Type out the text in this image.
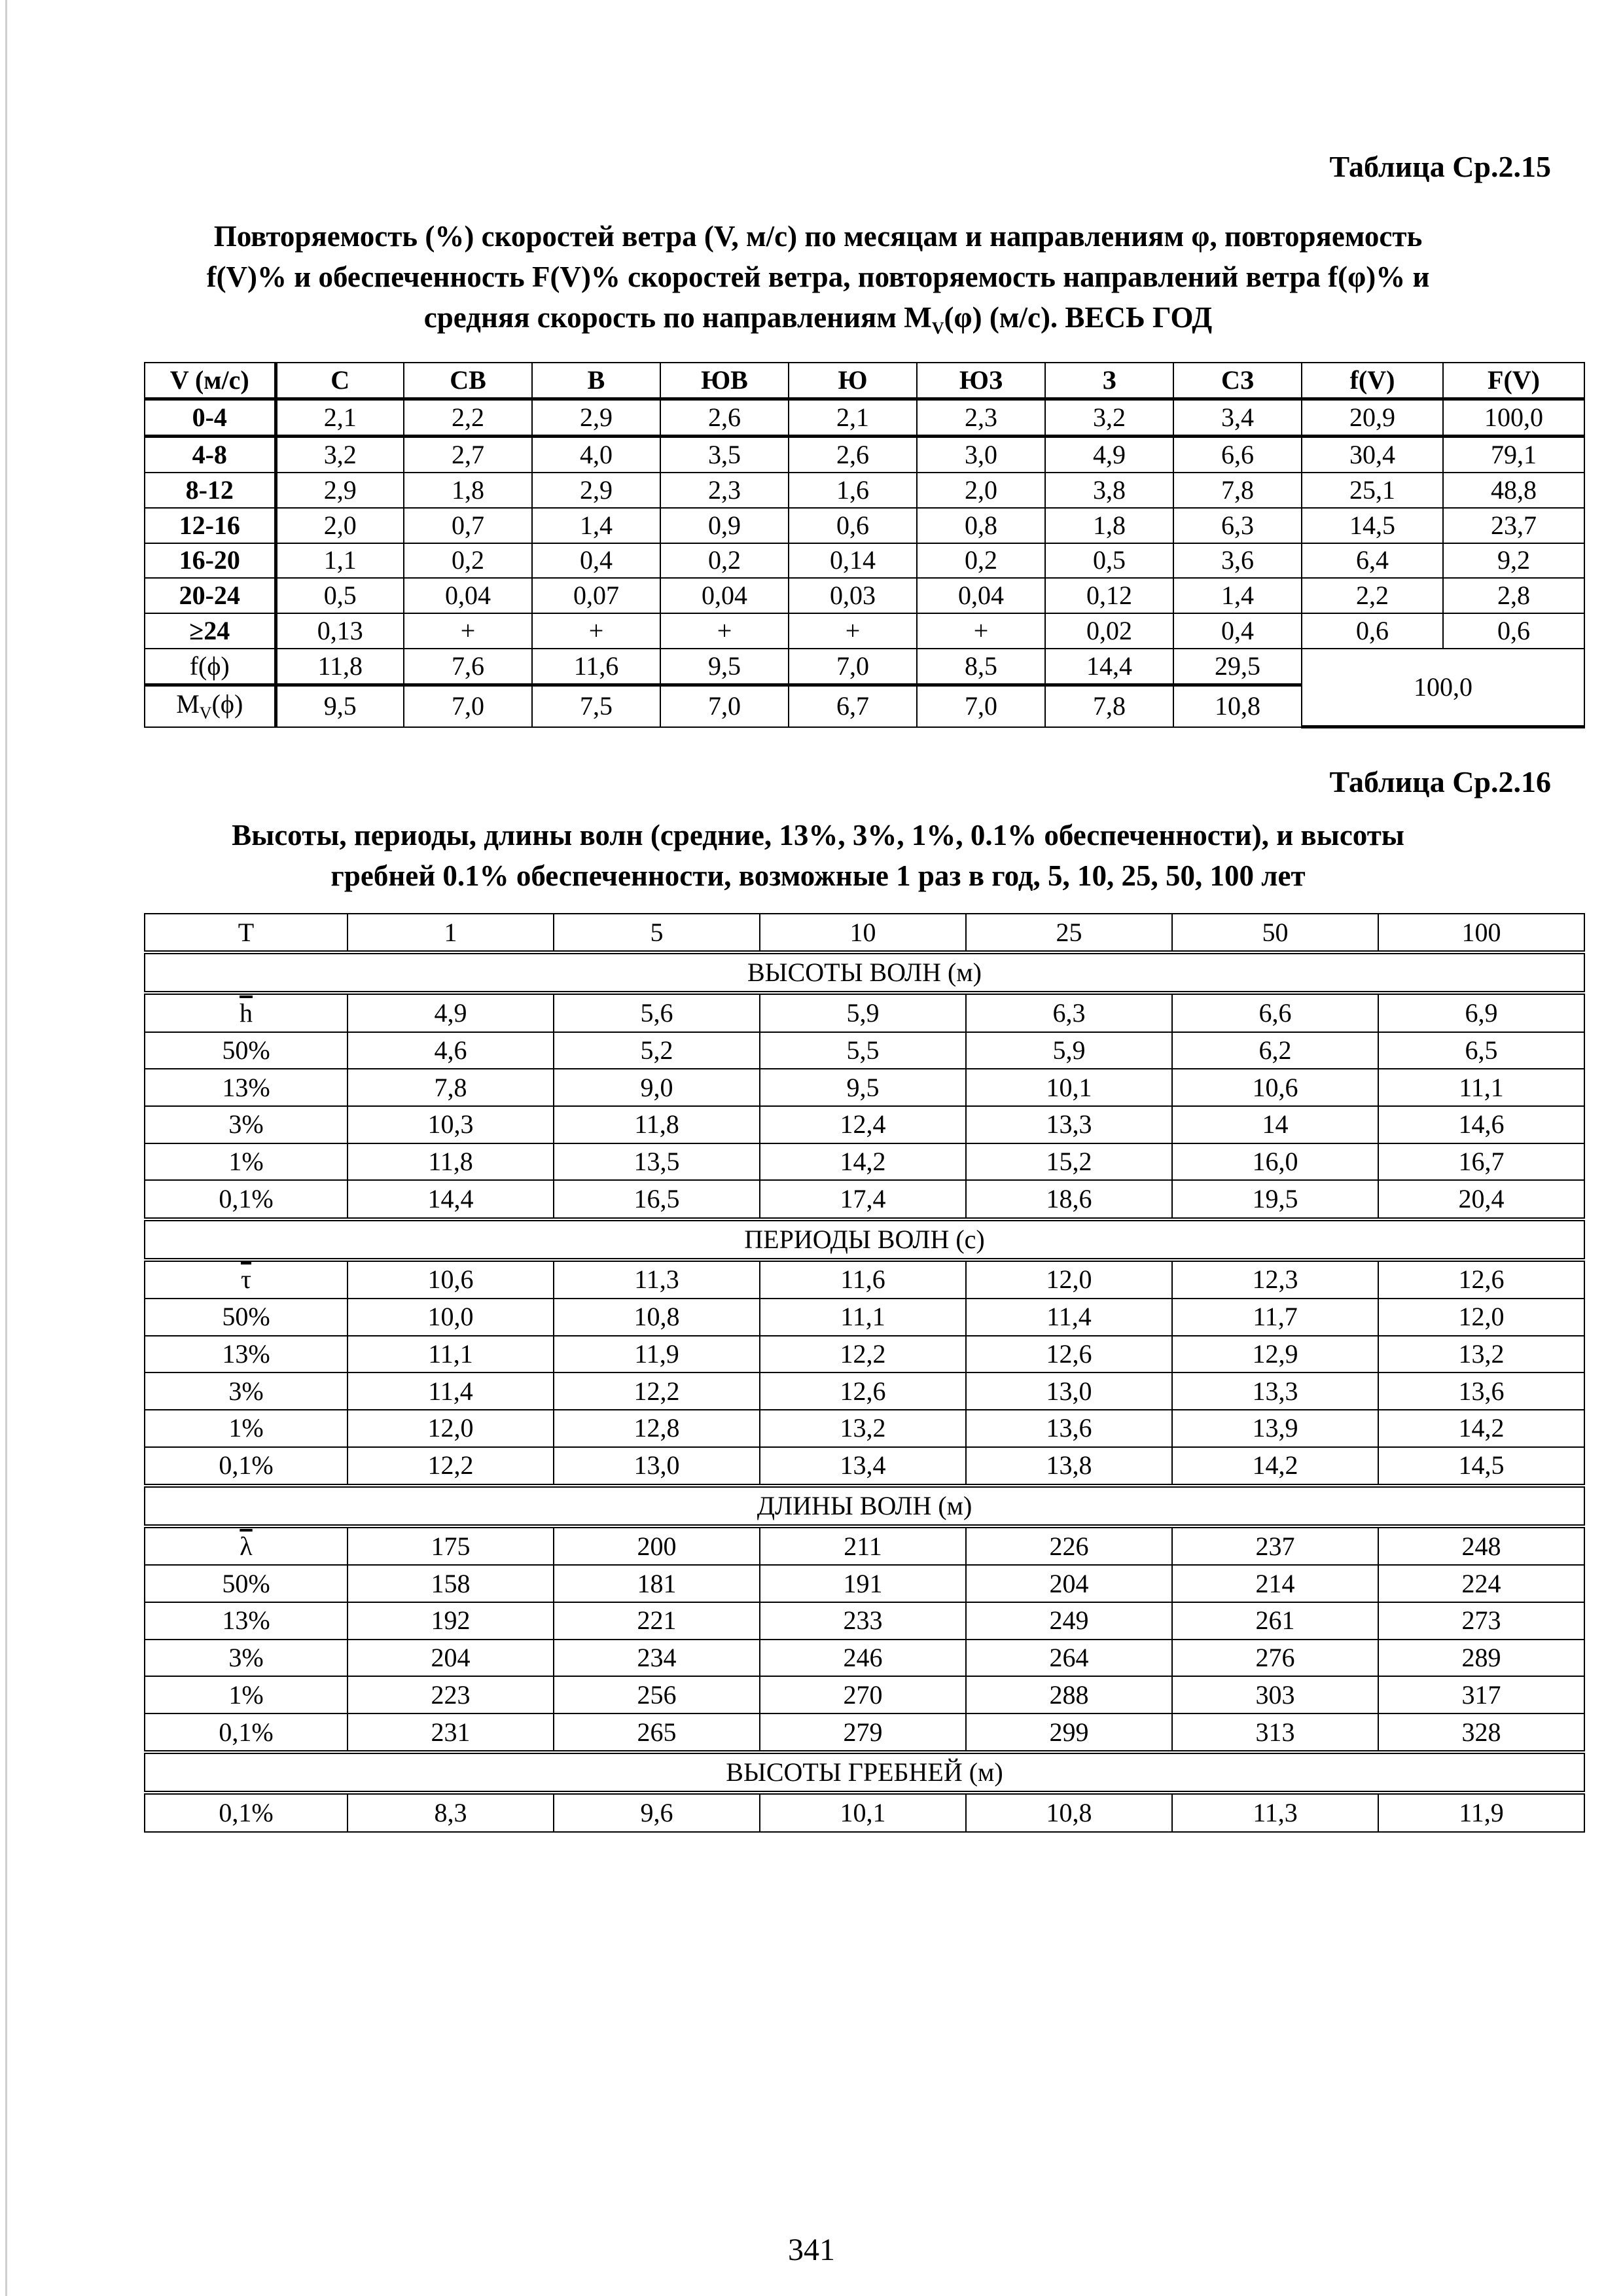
Таблица Ср.2.15
Повторяемость (%) скоростей ветра (V, м/с) по месяцам и направлениям φ, повторяемость
f(V)% и обеспеченность F(V)% скоростей ветра, повторяемость направлений ветра f(φ)% и
средняя скорость по направлениям $M_V(\varphi)$ (м/с). ВЕСЬ ГОД
V (м/с)	С	СВ	В	ЮВ	Ю	ЮЗ	З	СЗ	f(V)	F(V)
0-4	2,1	2,2	2,9	2,6	2,1	2,3	3,2	3,4	20,9	100,0
4-8	3,2	2,7	4,0	3,5	2,6	3,0	4,9	6,6	30,4	79,1
8-12	2,9	1,8	2,9	2,3	1,6	2,0	3,8	7,8	25,1	48,8
12-16	2,0	0,7	1,4	0,9	0,6	0,8	1,8	6,3	14,5	23,7
16-20	1,1	0,2	0,4	0,2	0,14	0,2	0,5	3,6	6,4	9,2
20-24	0,5	0,04	0,07	0,04	0,03	0,04	0,12	1,4	2,2	2,8
≥24	0,13	+	+	+	+	+	0,02	0,4	0,6	0,6
f(ϕ)	11,8	7,6	11,6	9,5	7,0	8,5	14,4	29,5	100,0	
$M_V(\phi)$	9,5	7,0	7,5	7,0	6,7	7,0	7,8	10,8		
Таблица Ср.2.16
Высоты, периоды, длины волн (средние, 13%, 3%, 1%, 0.1% обеспеченности), и высоты
гребней 0.1% обеспеченности, возможные 1 раз в год, 5, 10, 25, 50, 100 лет
T	1	5	10	25	50	100
ВЫСОТЫ ВОЛН (м)						
$\overline{h}$	4,9	5,6	5,9	6,3	6,6	6,9
50%	4,6	5,2	5,5	5,9	6,2	6,5
13%	7,8	9,0	9,5	10,1	10,6	11,1
3%	10,3	11,8	12,4	13,3	14	14,6
1%	11,8	13,5	14,2	15,2	16,0	16,7
0,1%	14,4	16,5	17,4	18,6	19,5	20,4
ПЕРИОДЫ ВОЛН (с)						
$\overline{\tau}$	10,6	11,3	11,6	12,0	12,3	12,6
50%	10,0	10,8	11,1	11,4	11,7	12,0
13%	11,1	11,9	12,2	12,6	12,9	13,2
3%	11,4	12,2	12,6	13,0	13,3	13,6
1%	12,0	12,8	13,2	13,6	13,9	14,2
0,1%	12,2	13,0	13,4	13,8	14,2	14,5
ДЛИНЫ ВОЛН (м)						
$\overline{\lambda}$	175	200	211	226	237	248
50%	158	181	191	204	214	224
13%	192	221	233	249	261	273
3%	204	234	246	264	276	289
1%	223	256	270	288	303	317
0,1%	231	265	279	299	313	328
ВЫСОТЫ ГРЕБНЕЙ (м)						
0,1%	8,3	9,6	10,1	10,8	11,3	11,9
341
